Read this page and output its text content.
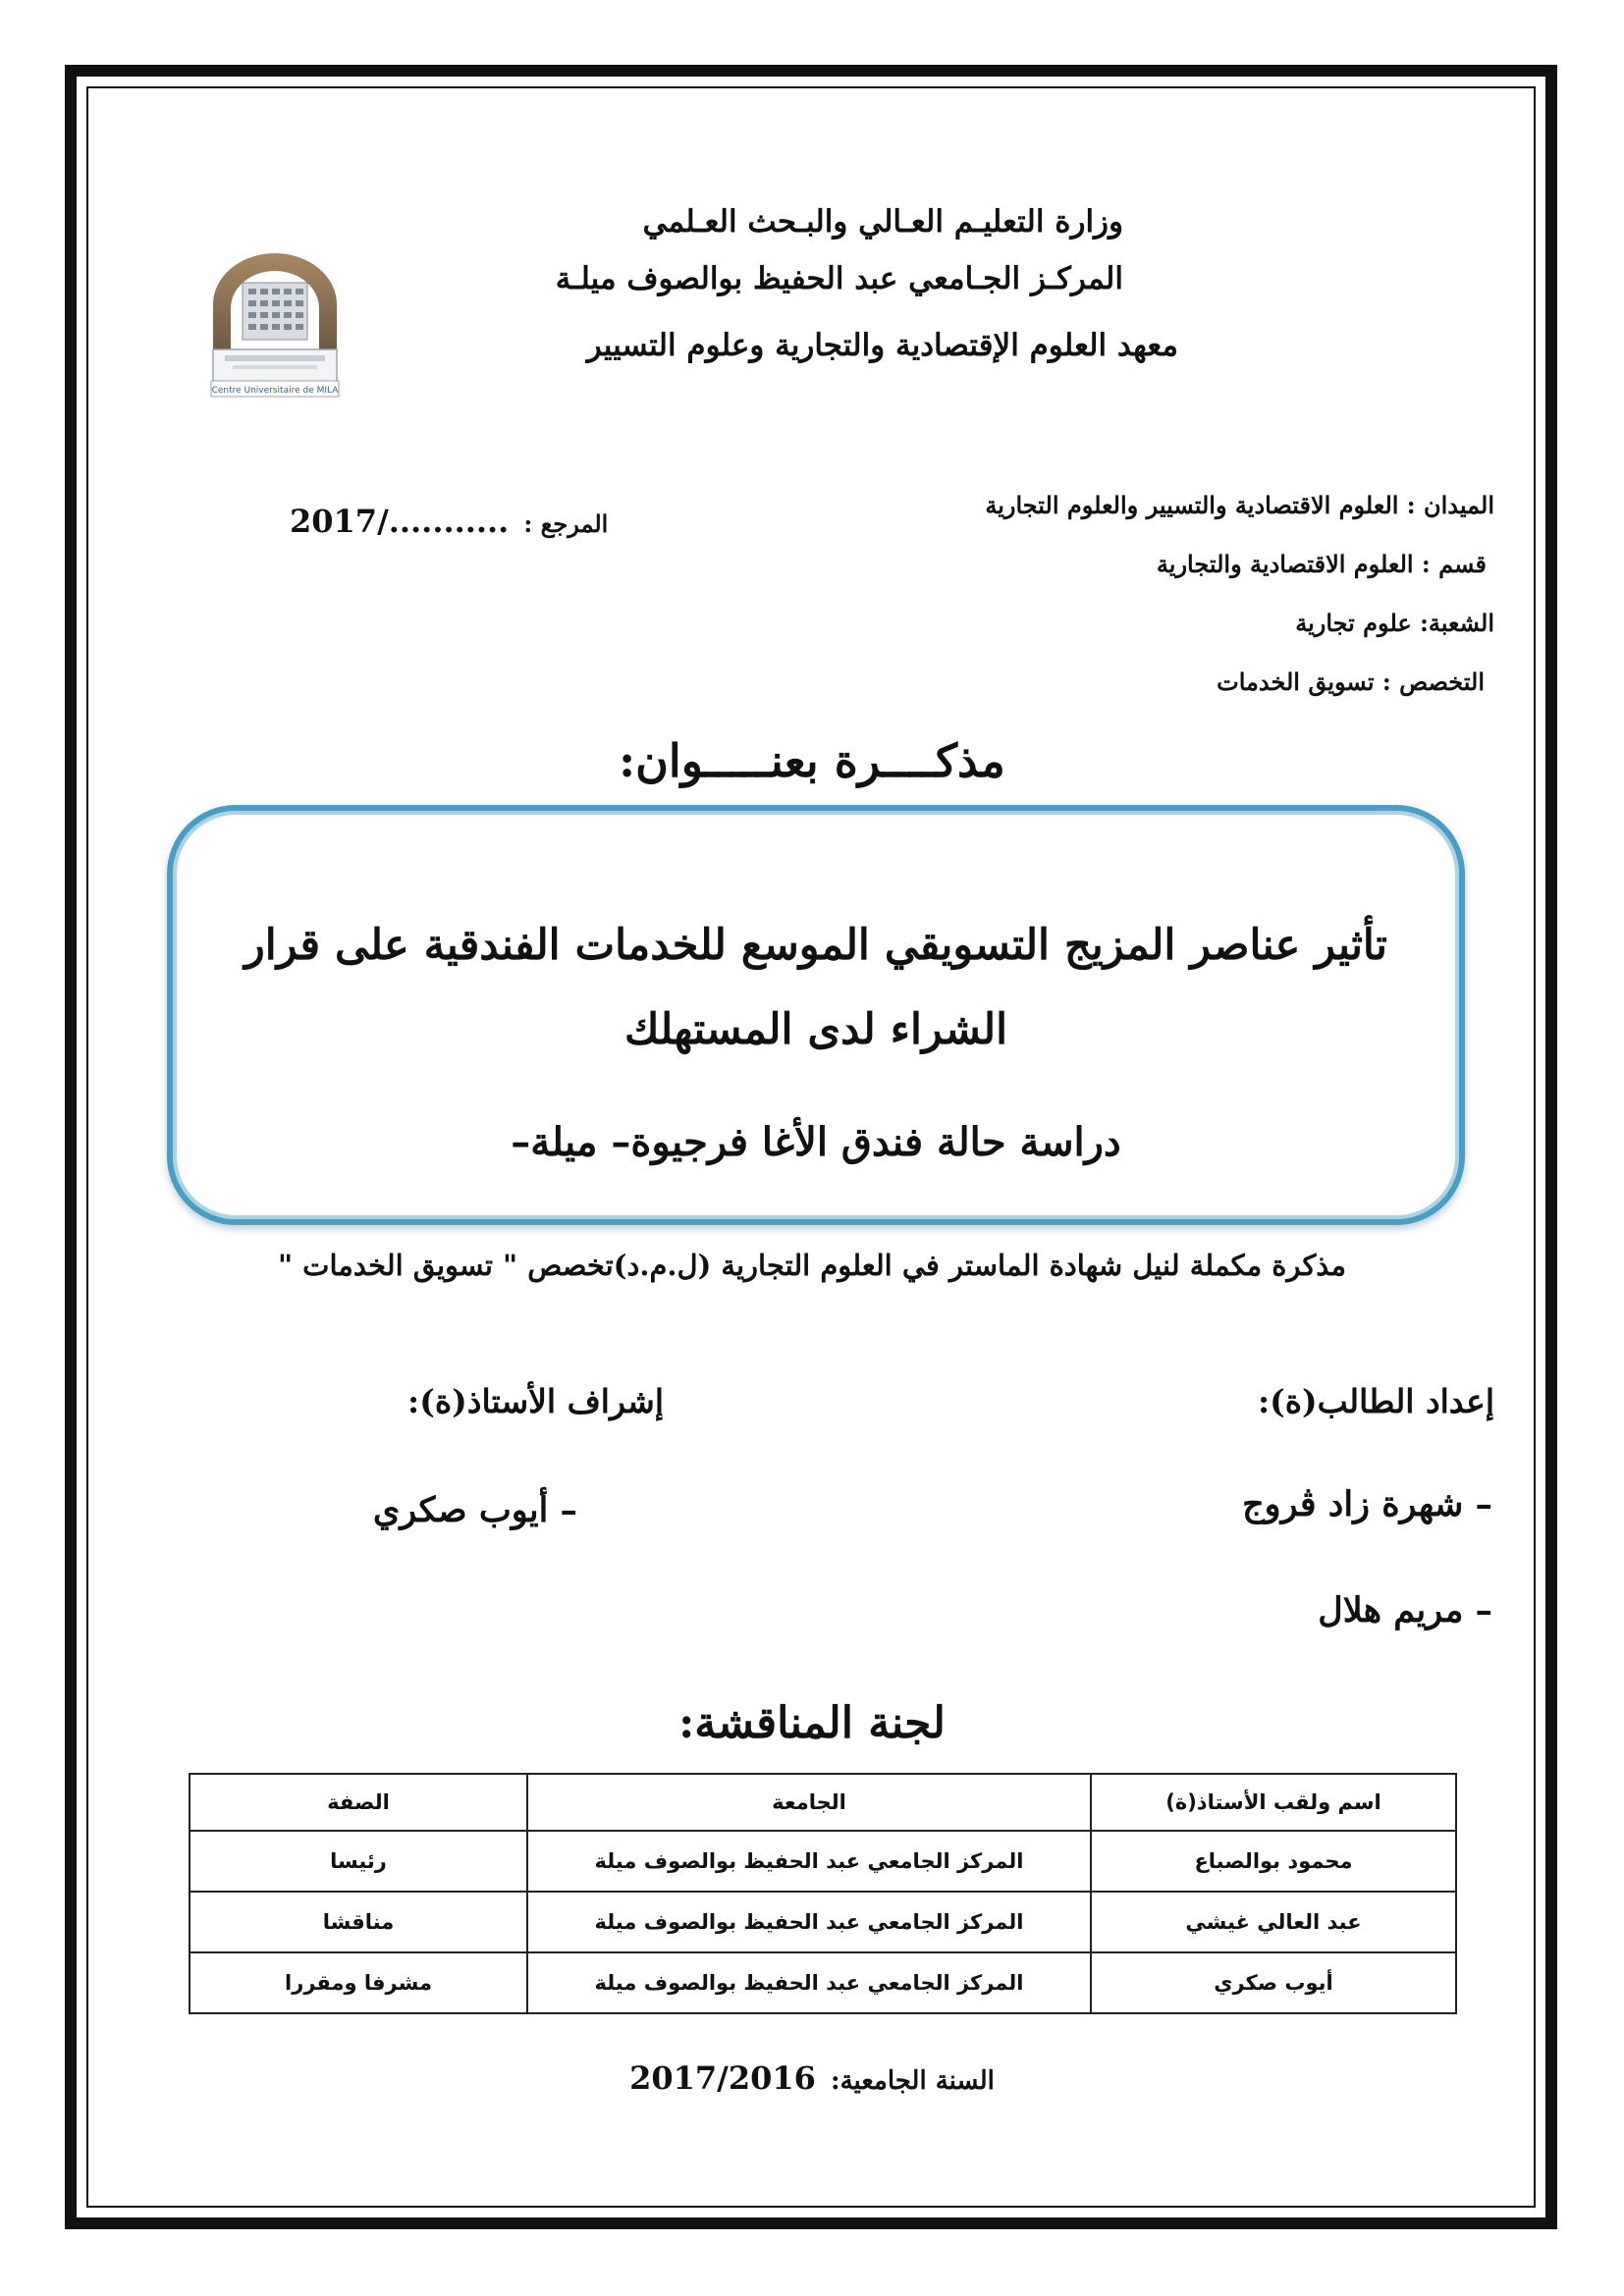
وزارة التعليـم العـالي والبـحث العـلمي
المركـز الجـامعي عبد الحفيظ بوالصوف ميلـة
معهد العلوم الإقتصادية والتجارية وعلوم التسيير
Centre Universitaire de MILA
المرجع : 2017/...........	الميدان : العلوم الاقتصادية والتسيير والعلوم التجارية
قسم : العلوم الاقتصادية والتجارية
الشعبة: علوم تجارية
التخصص : تسويق الخدمات
مذكــــرة بعنـــــوان:
تأثير عناصر المزيج التسويقي الموسع للخدمات الفندقية على قرار الشراء لدى المستهلك
دراسة حالة فندق الأغا فرجيوة– ميلة–
مذكرة مكملة لنيل شهادة الماستر في العلوم التجارية (ل.م.د)تخصص " تسويق الخدمات "
إعداد الطالب(ة):
إشراف الأستاذ(ة):
– شهرة زاد ڤروج
– أيوب صكري
– مريم هلال
لجنة المناقشة:
اسم ولقب الأستاذ(ة)	الجامعة	الصفة
محمود بوالصباع	المركز الجامعي عبد الحفيظ بوالصوف ميلة	رئيسا
عبد العالي غيشي	المركز الجامعي عبد الحفيظ بوالصوف ميلة	مناقشا
أيوب صكري	المركز الجامعي عبد الحفيظ بوالصوف ميلة	مشرفا ومقررا
السنة الجامعية: 2017/2016
